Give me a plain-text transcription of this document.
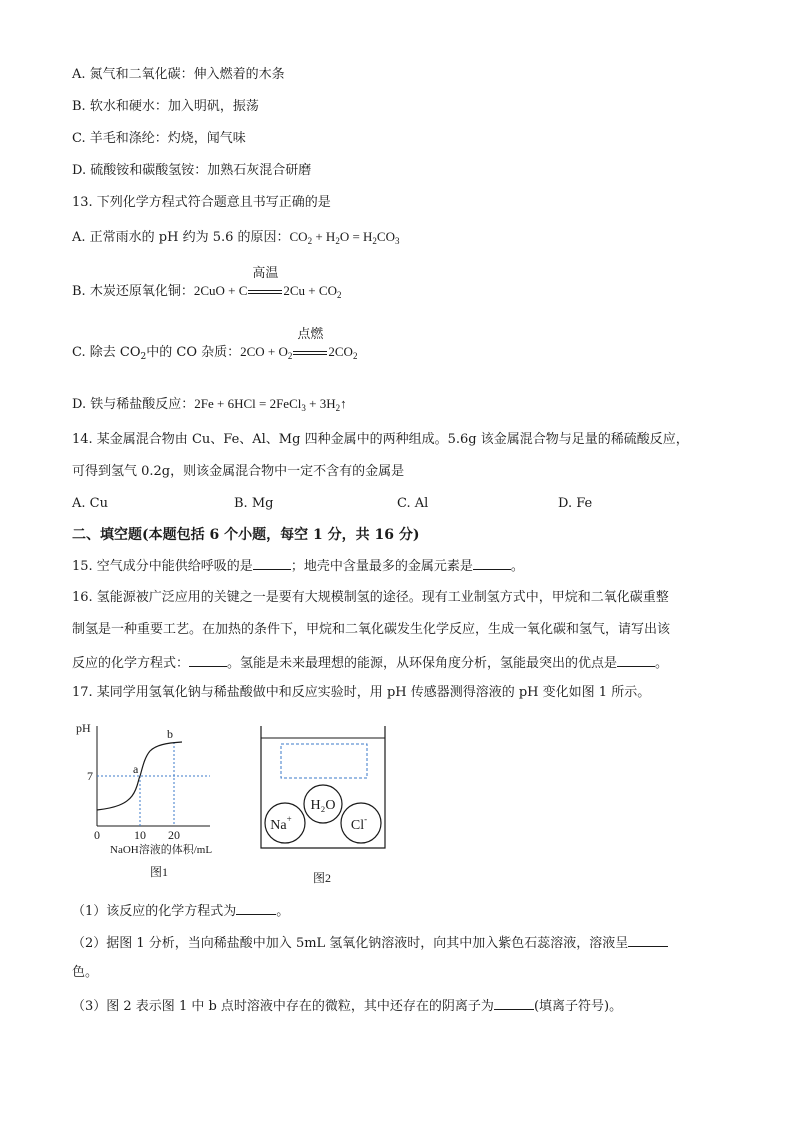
A. 氮气和二氧化碳：伸入燃着的木条
B. 软水和硬水：加入明矾，振荡
C. 羊毛和涤纶：灼烧，闻气味
D. 硫酸铵和碳酸氢铵：加熟石灰混合研磨
13. 下列化学方程式符合题意且书写正确的是
A. 正常雨水的 pH 约为 5.6 的原因：$CO_2 + H_2O = H_2CO_3$
B. 木炭还原氧化铜：2CuO + C
高温
$2Cu + CO_2$
C. 除去 $CO_2$中的 CO 杂质：$2CO + O_2$
点燃
$2CO_2$
D. 铁与稀盐酸反应：2Fe + 6HCl = 2FeCl$_3$ + $3H_2↑$
14. 某金属混合物由 Cu、Fe、Al、Mg 四种金属中的两种组成。5.6g 该金属混合物与足量的稀硫酸反应，
可得到氢气 0.2g，则该金属混合物中一定不含有的金属是
A. Cu	B. Mg	C. Al	D. Fe
二、填空题(本题包括 6 个小题，每空 1 分，共 16 分)
15. 空气成分中能供给呼吸的是	；地壳中含量最多的金属元素是	。
16. 氢能源被广泛应用的关键之一是要有大规模制氢的途径。现有工业制氢方式中，甲烷和二氧化碳重整
制氢是一种重要工艺。在加热的条件下，甲烷和二氧化碳发生化学反应，生成一氧化碳和氢气，请写出该
反应的化学方程式：	。氢能是未来最理想的能源，从环保角度分析，氢能最突出的优点是	。
17. 某同学用氢氧化钠与稀盐酸做中和反应实验时，用 pH 传感器测得溶液的 pH 变化如图 1 所示。
pH
7	a
b
0	10 20
NaOH溶液的体积/mL
图1
H₂O
Na+	Cl-
图2
（1）该反应的化学方程式为	。
（2）据图 1 分析，当向稀盐酸中加入 5mL 氢氧化钠溶液时，向其中加入紫色石蕊溶液，溶液呈
色。
（3）图 2 表示图 1 中 b 点时溶液中存在的微粒，其中还存在的阴离子为	(填离子符号)。
